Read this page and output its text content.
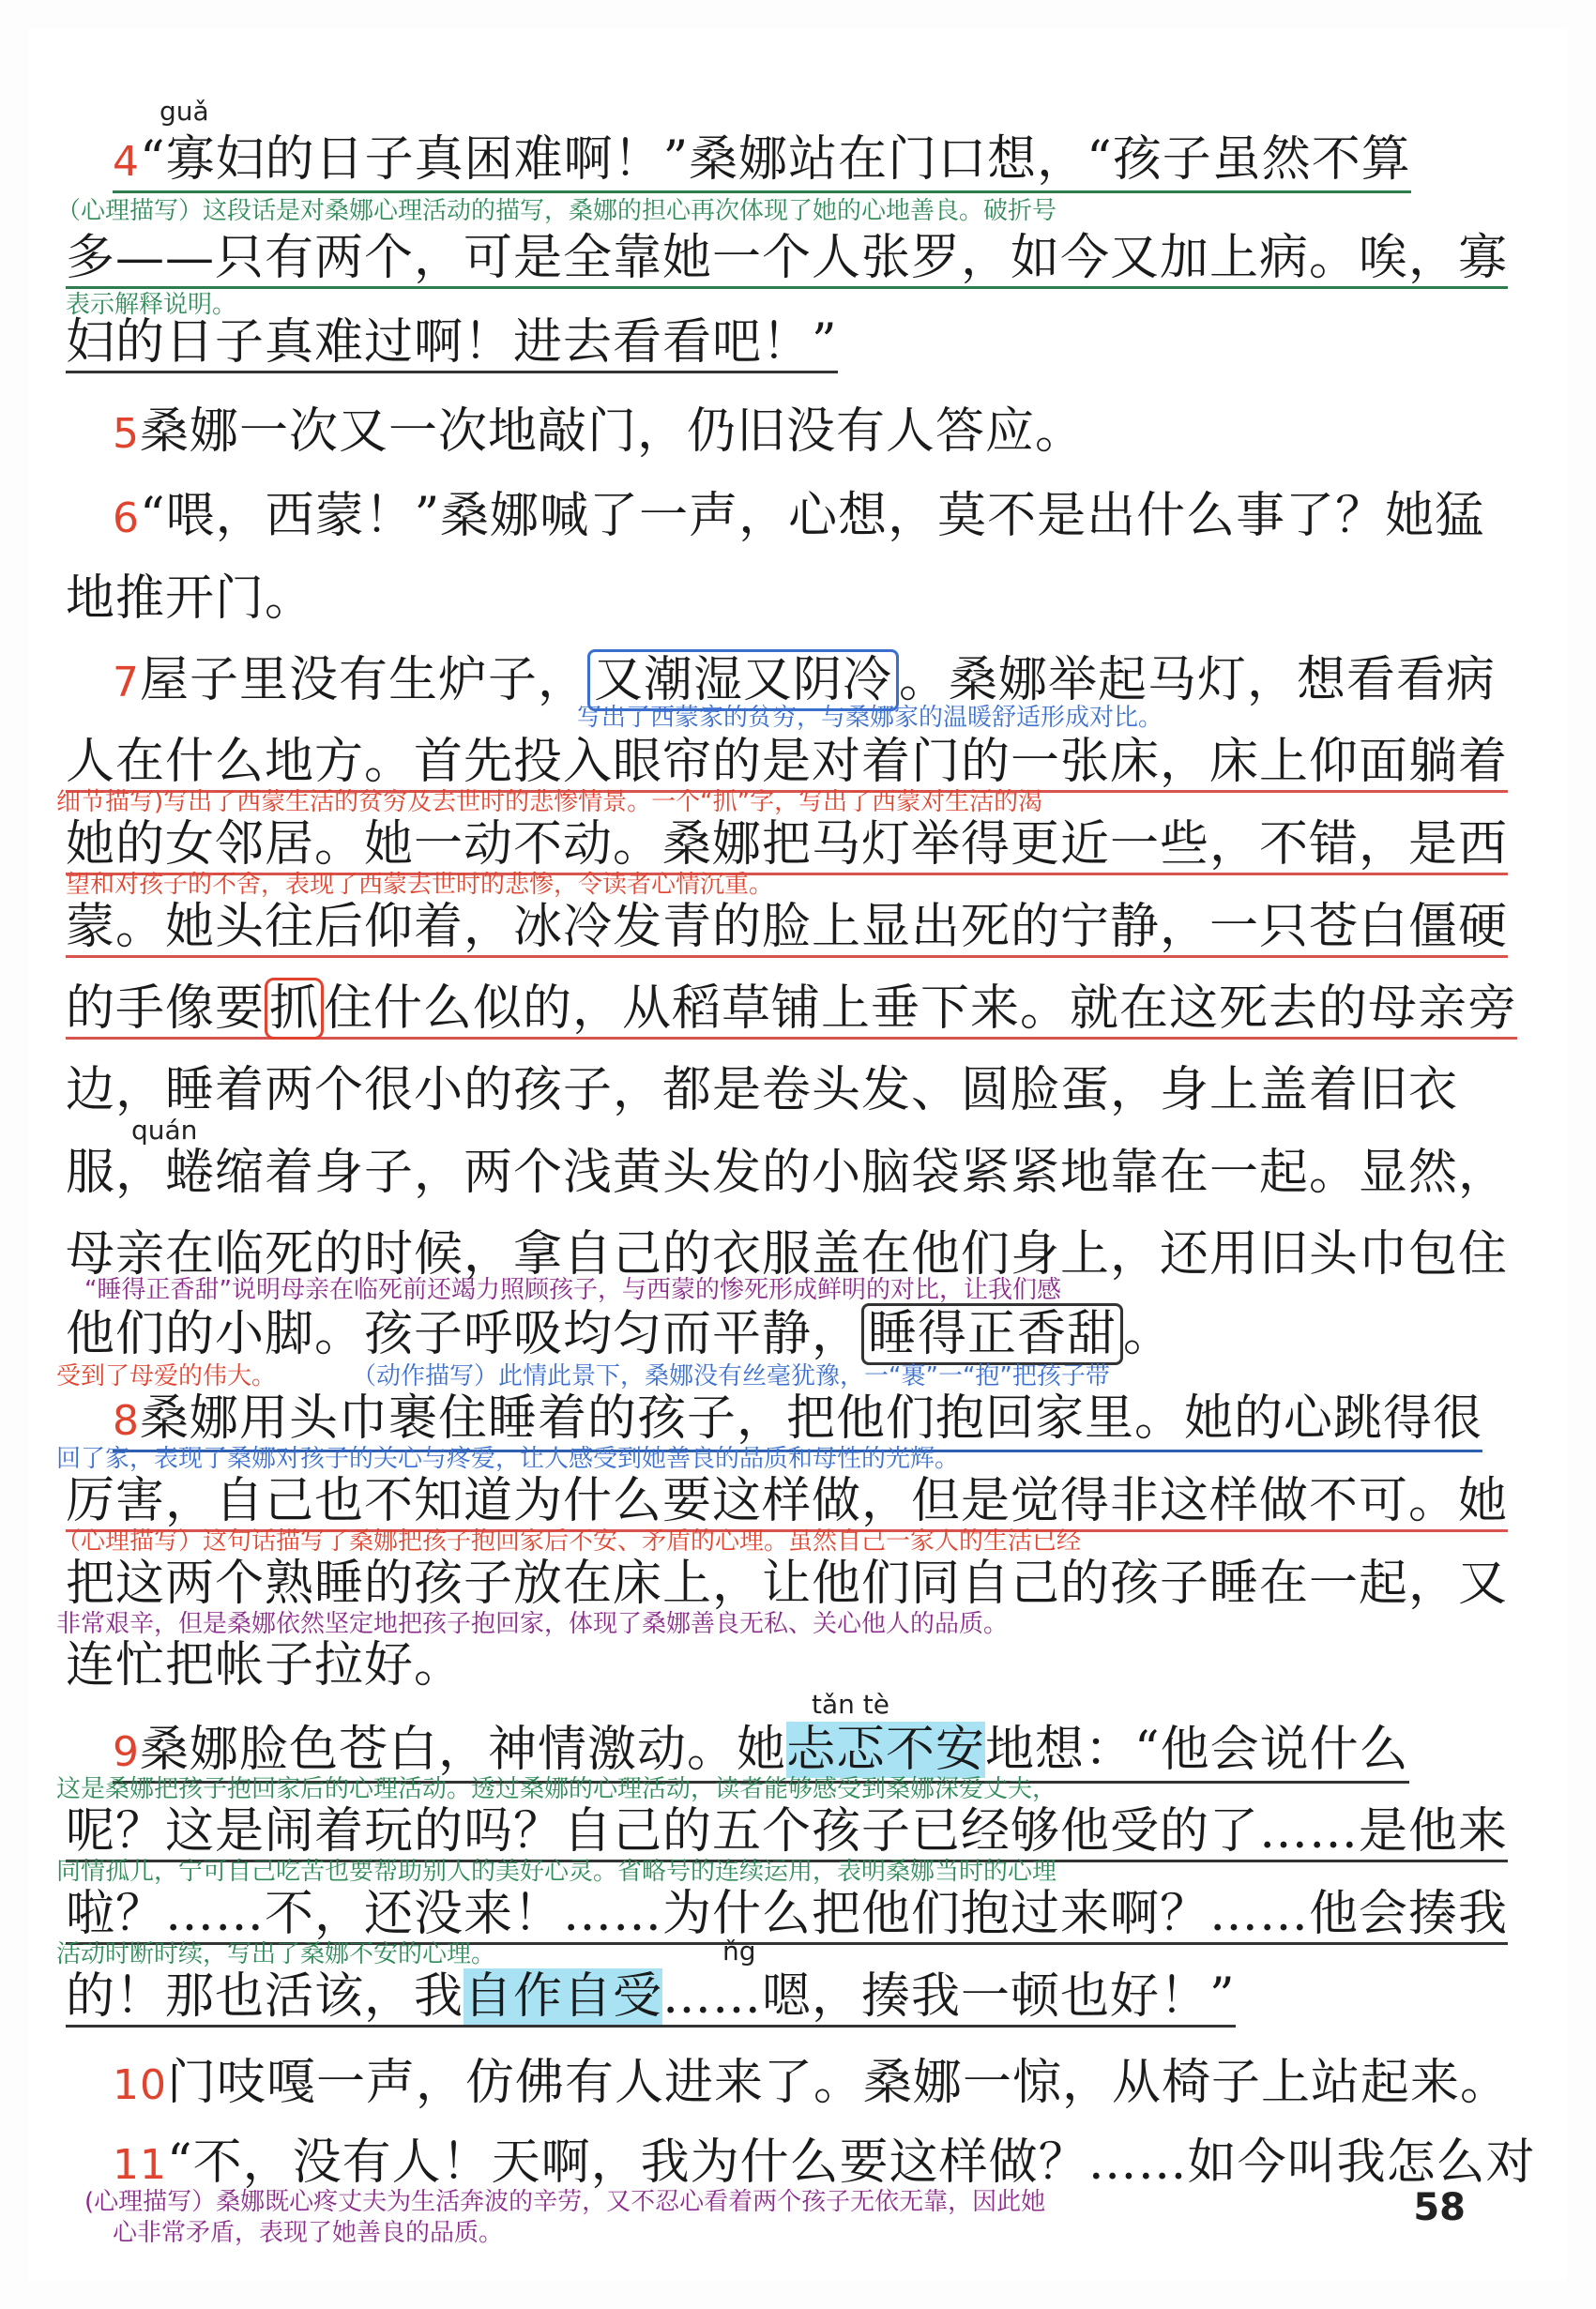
guǎ
4“寡妇的日子真困难啊！”桑娜站在门口想，“孩子虽然不算
（心理描写）这段话是对桑娜心理活动的描写，桑娜的担心再次体现了她的心地善良。破折号
多——只有两个，可是全靠她一个人张罗，如今又加上病。唉，寡
表示解释说明。
妇的日子真难过啊！进去看看吧！”
5桑娜一次又一次地敲门，仍旧没有人答应。
6“喂，西蒙！”桑娜喊了一声，心想，莫不是出什么事了？她猛
地推开门。
7屋子里没有生炉子， 又潮湿又阴冷 。桑娜举起马灯，想看看病
写出了西蒙家的贫穷，与桑娜家的温暖舒适形成对比。
人在什么地方。首先投入眼帘的是对着门的一张床，床上仰面躺着
细节描写)写出了西蒙生活的贫穷及去世时的悲惨情景。一个“抓”字，写出了西蒙对生活的渴
她的女邻居。她一动不动。桑娜把马灯举得更近一些，不错，是西
望和对孩子的不舍，表现了西蒙去世时的悲惨，令读者心情沉重。
蒙。她头往后仰着，冰冷发青的脸上显出死的宁静，一只苍白僵硬
的手像要抓住什么似的，从稻草铺上垂下来。就在这死去的母亲旁
边，睡着两个很小的孩子，都是卷头发、圆脸蛋，身上盖着旧衣
quán
服，蜷缩着身子，两个浅黄头发的小脑袋紧紧地靠在一起。显然，
母亲在临死的时候，拿自己的衣服盖在他们身上，还用旧头巾包住
“睡得正香甜”说明母亲在临死前还竭力照顾孩子，与西蒙的惨死形成鲜明的对比，让我们感
他们的小脚。孩子呼吸均匀而平静， 睡得正香甜 。
受到了母爱的伟大。	（动作描写）此情此景下，桑娜没有丝毫犹豫，一“裹”一“抱”把孩子带
8桑娜用头巾裹住睡着的孩子，把他们抱回家里。她的心跳得很
回了家，表现了桑娜对孩子的关心与疼爱，让人感受到她善良的品质和母性的光辉。
厉害，自己也不知道为什么要这样做，但是觉得非这样做不可。她
（心理描写）这句话描写了桑娜把孩子抱回家后不安、矛盾的心理。虽然自己一家人的生活已经
把这两个熟睡的孩子放在床上，让他们同自己的孩子睡在一起，又
非常艰辛，但是桑娜依然坚定地把孩子抱回家，体现了桑娜善良无私、关心他人的品质。
连忙把帐子拉好。
tǎn tè
9桑娜脸色苍白，神情激动。她忐忑不安地想：“他会说什么
这是桑娜把孩子抱回家后的心理活动。透过桑娜的心理活动，读者能够感受到桑娜深爱丈夫，
呢？这是闹着玩的吗？自己的五个孩子已经够他受的了……是他来
同情孤儿，宁可自己吃苦也要帮助别人的美好心灵。省略号的连续运用，表明桑娜当时的心理
啦？……不，还没来！……为什么把他们抱过来啊？……他会揍我
活动时断时续，写出了桑娜不安的心理。	ňg
的！那也活该，我自作自受……嗯，揍我一顿也好！”
10门吱嘎一声，仿佛有人进来了。桑娜一惊，从椅子上站起来。
11“不，没有人！天啊，我为什么要这样做？……如今叫我怎么对
(心理描写）桑娜既心疼丈夫为生活奔波的辛劳，又不忍心看着两个孩子无依无靠，因此她
心非常矛盾，表现了她善良的品质。
58
